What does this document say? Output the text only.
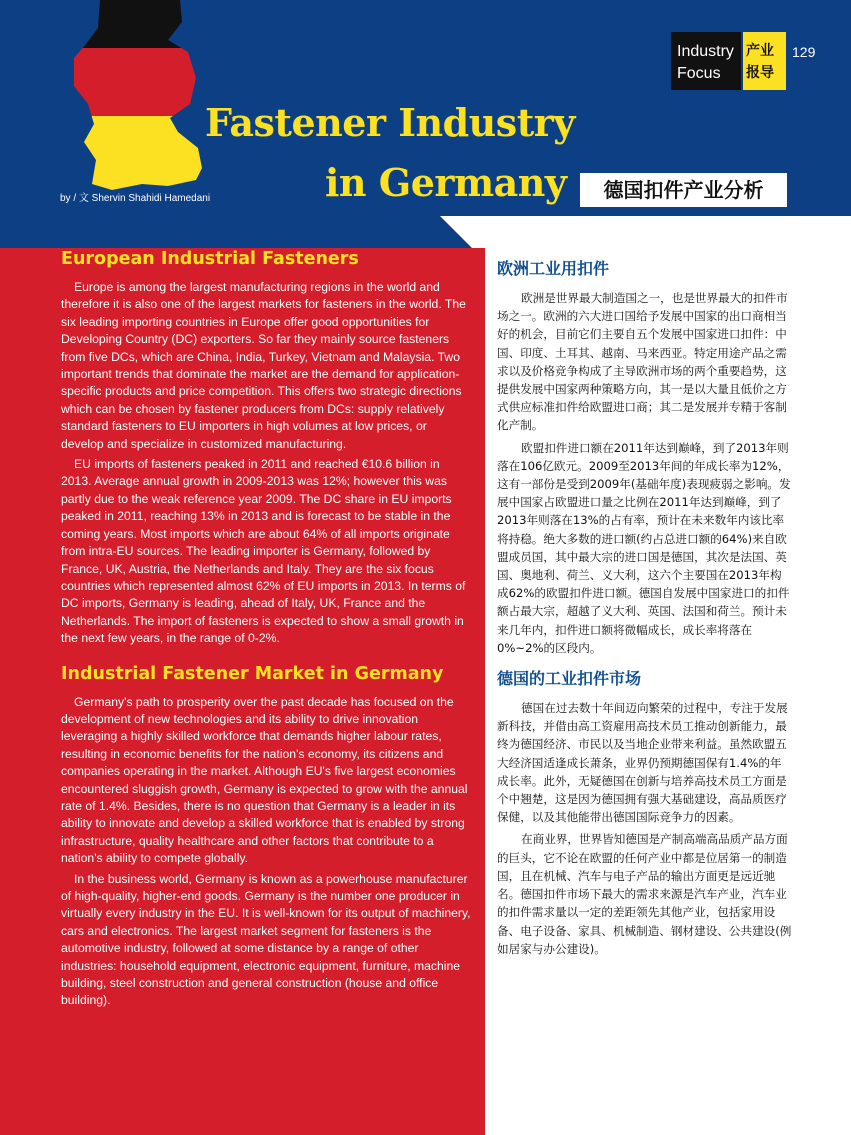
Industry
Focus
产业
报导
129
Fastener Industry
in Germany	德国扣件产业分析
by / 文 Shervin Shahidi Hamedani
European Industrial Fasteners

Europe is among the largest manufacturing regions in the world and therefore it is also one of the largest markets for fasteners in the world. The six leading importing countries in Europe offer good opportunities for Developing Country (DC) exporters. So far they mainly source fasteners from five DCs, which are China, India, Turkey, Vietnam and Malaysia. Two important trends that dominate the market are the demand for application-specific products and price competition. This offers two strategic directions which can be chosen by fastener producers from DCs: supply relatively standard fasteners to EU importers in high volumes at low prices, or develop and specialize in customized manufacturing.

EU imports of fasteners peaked in 2011 and reached €10.6 billion in 2013. Average annual growth in 2009-2013 was 12%; however this was partly due to the weak reference year 2009. The DC share in EU imports peaked in 2011, reaching 13% in 2013 and is forecast to be stable in the coming years. Most imports which are about 64% of all imports originate from intra-EU sources. The leading importer is Germany, followed by France, UK, Austria, the Netherlands and Italy. They are the six focus countries which represented almost 62% of EU imports in 2013. In terms of DC imports, Germany is leading, ahead of Italy, UK, France and the Netherlands. The import of fasteners is expected to show a small growth in the next few years, in the range of 0-2%.

Industrial Fastener Market in Germany

Germany's path to prosperity over the past decade has focused on the development of new technologies and its ability to drive innovation leveraging a highly skilled workforce that demands higher labour rates, resulting in economic benefits for the nation's economy, its citizens and companies operating in the market. Although EU's five largest economies encountered sluggish growth, Germany is expected to grow with the annual rate of 1.4%. Besides, there is no question that Germany is a leader in its ability to innovate and develop a skilled workforce that is enabled by strong infrastructure, quality healthcare and other factors that contribute to a nation's ability to compete globally.

In the business world, Germany is known as a powerhouse manufacturer of high-quality, higher-end goods. Germany is the number one producer in virtually every industry in the EU. It is well-known for its output of machinery, cars and electronics. The largest market segment for fasteners is the automotive industry, followed at some distance by a range of other industries: household equipment, electronic equipment, furniture, machine building, steel construction and general construction (house and office building).

欧洲工业用扣件

欧洲是世界最大制造国之一，也是世界最大的扣件市场之一。欧洲的六大进口国给予发展中国家的出口商相当好的机会，目前它们主要自五个发展中国家进口扣件：中国、印度、土耳其、越南、马来西亚。特定用途产品之需求以及价格竞争构成了主导欧洲市场的两个重要趋势，这提供发展中国家两种策略方向，其一是以大量且低价之方式供应标准扣件给欧盟进口商；其二是发展并专精于客制化产制。

欧盟扣件进口额在2011年达到巅峰，到了2013年则落在106亿欧元。2009至2013年间的年成长率为12%，这有一部份是受到2009年(基础年度)表现疲弱之影响。发展中国家占欧盟进口量之比例在2011年达到巅峰，到了2013年则落在13%的占有率，预计在未来数年内该比率将持稳。绝大多数的进口额(约占总进口额的64%)来自欧盟成员国，其中最大宗的进口国是德国，其次是法国、英国、奥地利、荷兰、义大利，这六个主要国在2013年构成62%的欧盟扣件进口额。德国自发展中国家进口的扣件额占最大宗，超越了义大利、英国、法国和荷兰。预计未来几年内，扣件进口额将微幅成长，成长率将落在0%~2%的区段内。

德国的工业扣件市场

德国在过去数十年间迈向繁荣的过程中，专注于发展新科技，并借由高工资雇用高技术员工推动创新能力，最终为德国经济、市民以及当地企业带来利益。虽然欧盟五大经济国适逢成长萧条，业界仍预期德国保有1.4%的年成长率。此外，无疑德国在创新与培养高技术员工方面是个中翘楚，这是因为德国拥有强大基础建设，高品质医疗保健，以及其他能带出德国国际竞争力的因素。

在商业界，世界皆知德国是产制高端高品质产品方面的巨头，它不论在欧盟的任何产业中都是位居第一的制造国，且在机械、汽车与电子产品的输出方面更是远近驰名。德国扣件市场下最大的需求来源是汽车产业，汽车业的扣件需求量以一定的差距领先其他产业，包括家用设备、电子设备、家具、机械制造、钢材建设、公共建设(例如居家与办公建设)。
